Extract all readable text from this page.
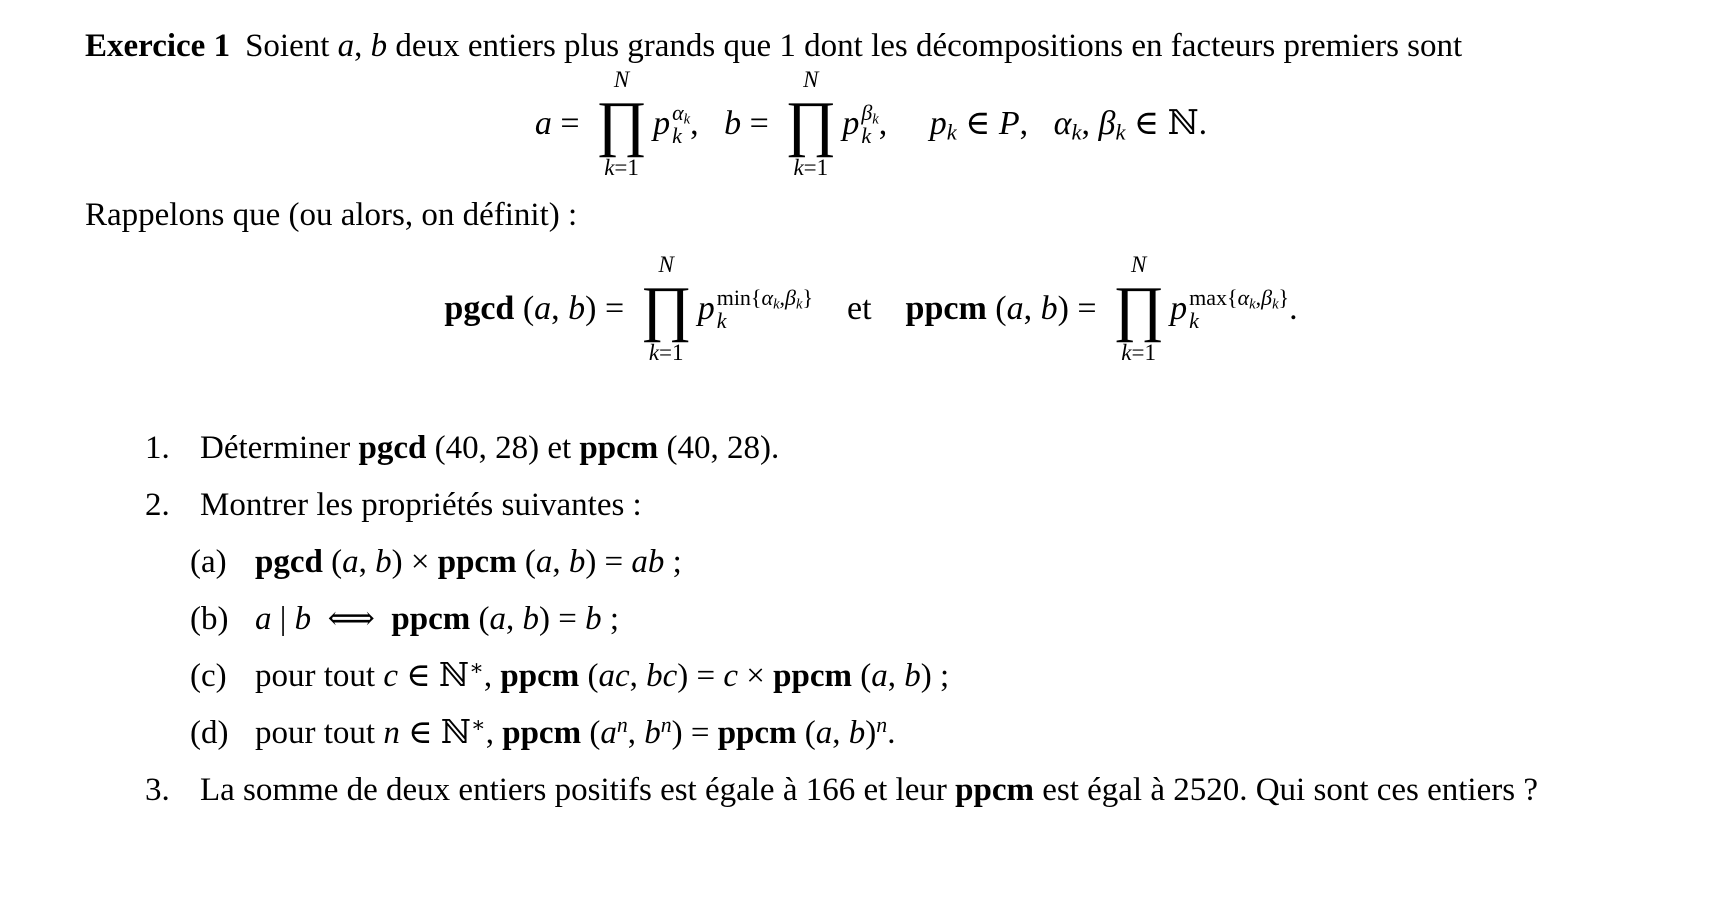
Exercice 1 Soient a, b deux entiers plus grands que 1 dont les décompositions en facteurs premiers sont

a =
N
∏
k=1
p $\alpha_k$
k ,   b =
N
∏
k=1
p $\beta_k$
k ,     $p_k$ ∈ P,   $\alpha_k$, $\beta_k$ ∈ ℕ.

Rappelons que (ou alors, on définit) :

pgcd (a, b) =
N
∏
k=1
p $\min\{\alpha_k,\beta_k\}$
k	et    ppcm (a, b) =
N
∏
k=1
p $\max\{\alpha_k,\beta_k\}$
k	.
1. Déterminer pgcd (40, 28) et ppcm (40, 28).
2. Montrer les propriétés suivantes :
(a) pgcd (a, b) × ppcm (a, b) = ab ;
(b) a | b  ⟺  ppcm (a, b) = b ;
(c) pour tout c ∈ ℕ∗, ppcm (ac, bc) = c × ppcm (a, b) ;
(d) pour tout n ∈ ℕ∗, ppcm ($a^n$, $b^n$) = ppcm (a, b)$^n$.
3. La somme de deux entiers positifs est égale à 166 et leur ppcm est égal à 2520. Qui sont ces entiers ?
